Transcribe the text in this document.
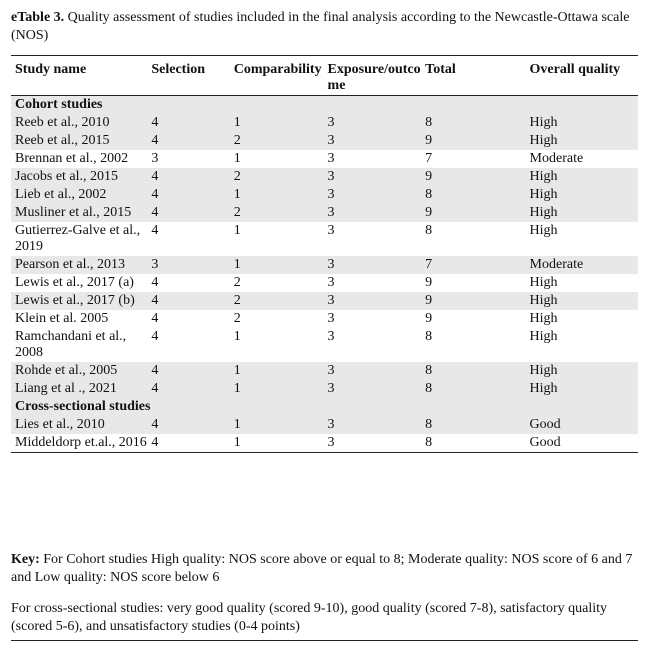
eTable 3. Quality assessment of studies included in the final analysis according to the Newcastle-Ottawa scale (NOS)
Study name	Selection	Comparability	Exposure/outcome	Total	Overall quality
Cohort studies					
Reeb et al., 2010	4	1	3	8	High
Reeb et al., 2015	4	2	3	9	High
Brennan et al., 2002	3	1	3	7	Moderate
Jacobs et al., 2015	4	2	3	9	High
Lieb et al., 2002	4	1	3	8	High
Musliner et al., 2015	4	2	3	9	High
Gutierrez-Galve et al., 2019	4	1	3	8	High
Pearson et al., 2013	3	1	3	7	Moderate
Lewis et al., 2017 (a)	4	2	3	9	High
Lewis et al., 2017 (b)	4	2	3	9	High
Klein et al. 2005	4	2	3	9	High
Ramchandani et al., 2008	4	1	3	8	High
Rohde et al., 2005	4	1	3	8	High
Liang et al ., 2021	4	1	3	8	High
Cross-sectional studies					
Lies et al., 2010	4	1	3	8	Good
Middeldorp et.al., 2016	4	1	3	8	Good
Key: For Cohort studies High quality: NOS score above or equal to 8; Moderate quality: NOS score of 6 and 7 and Low quality: NOS score below 6
For cross-sectional studies: very good quality (scored 9-10), good quality (scored 7-8), satisfactory quality (scored 5-6), and unsatisfactory studies (0-4 points)
